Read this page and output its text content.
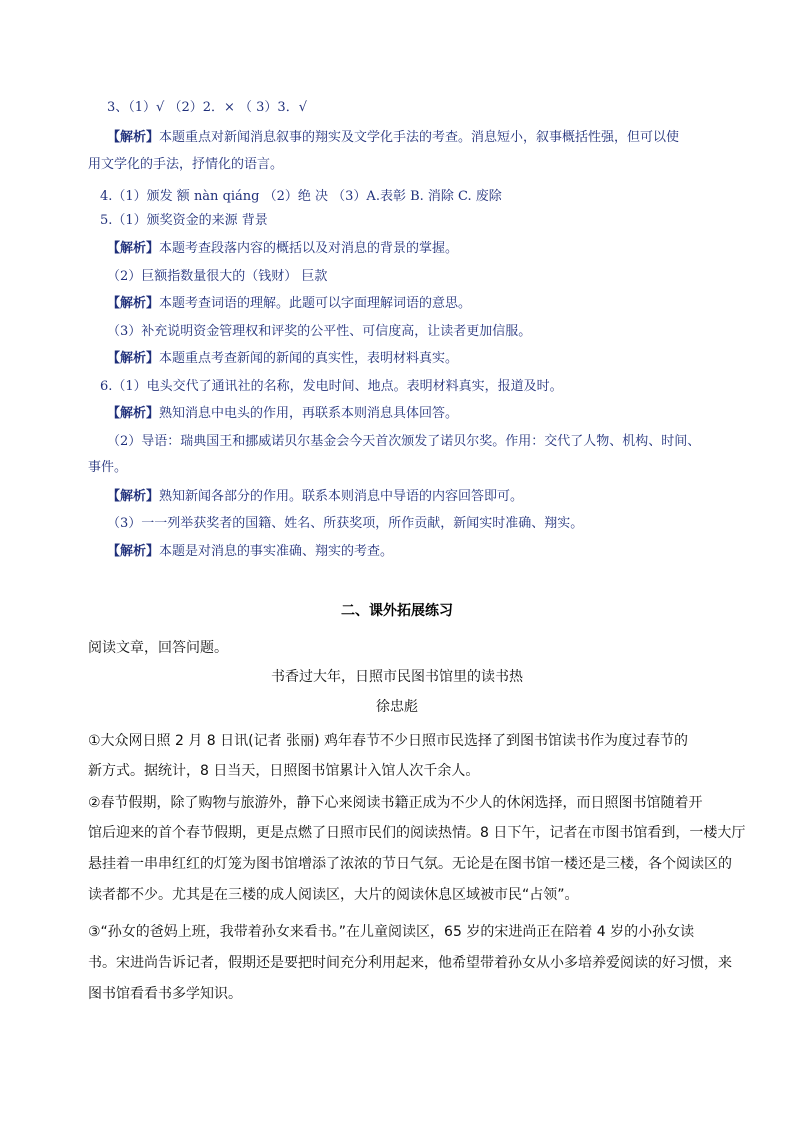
3、（1）√ （2）2．× （ 3）3．√
【解析】本题重点对新闻消息叙事的翔实及文学化手法的考查。消息短小，叙事概括性强，但可以使
用文学化的手法，抒情化的语言。
4.（1）颁发 额 nàn qiáng （2）绝 决 （3）A.表彰 B. 消除 C. 废除
5.（1）颁奖资金的来源 背景
【解析】本题考查段落内容的概括以及对消息的背景的掌握。
（2）巨额指数量很大的（钱财） 巨款
【解析】本题考查词语的理解。此题可以字面理解词语的意思。
（3）补充说明资金管理权和评奖的公平性、可信度高，让读者更加信服。
【解析】本题重点考查新闻的新闻的真实性，表明材料真实。
6.（1）电头交代了通讯社的名称，发电时间、地点。表明材料真实，报道及时。
【解析】熟知消息中电头的作用，再联系本则消息具体回答。
（2）导语：瑞典国王和挪威诺贝尔基金会今天首次颁发了诺贝尔奖。作用：交代了人物、机构、时间、
事件。
【解析】熟知新闻各部分的作用。联系本则消息中导语的内容回答即可。
（3）一一列举获奖者的国籍、姓名、所获奖项，所作贡献，新闻实时准确、翔实。
【解析】本题是对消息的事实准确、翔实的考查。
二、课外拓展练习
阅读文章，回答问题。
书香过大年，日照市民图书馆里的读书热
徐忠彪
①大众网日照 2 月 8 日讯(记者 张丽) 鸡年春节不少日照市民选择了到图书馆读书作为度过春节的
新方式。据统计，8 日当天，日照图书馆累计入馆人次千余人。
②春节假期，除了购物与旅游外，静下心来阅读书籍正成为不少人的休闲选择，而日照图书馆随着开
馆后迎来的首个春节假期，更是点燃了日照市民们的阅读热情。8 日下午，记者在市图书馆看到，一楼大厅
悬挂着一串串红红的灯笼为图书馆增添了浓浓的节日气氛。无论是在图书馆一楼还是三楼，各个阅读区的
读者都不少。尤其是在三楼的成人阅读区，大片的阅读休息区域被市民“占领”。
③“孙女的爸妈上班，我带着孙女来看书。”在儿童阅读区，65 岁的宋进尚正在陪着 4 岁的小孙女读
书。宋进尚告诉记者，假期还是要把时间充分利用起来，他希望带着孙女从小多培养爱阅读的好习惯，来
图书馆看看书多学知识。
